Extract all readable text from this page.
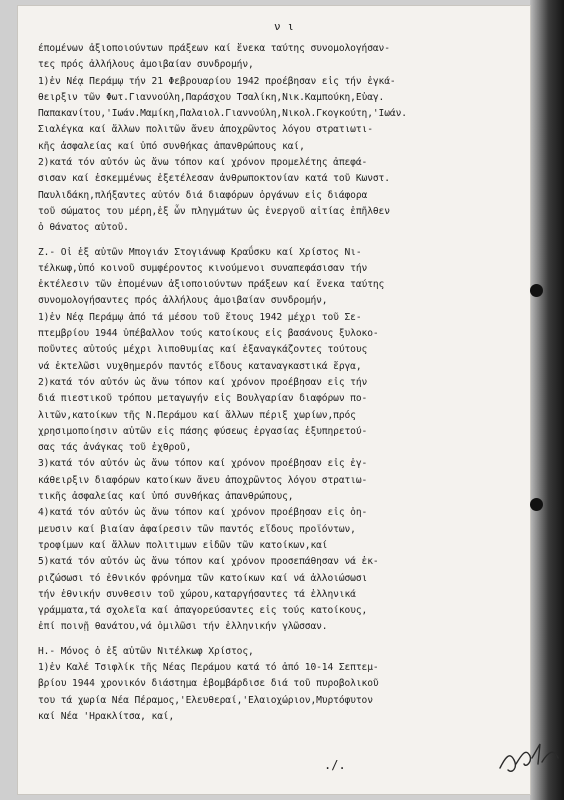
ν ι
έπομένων ἀξιοποιούντων πράξεων καί ἕνεκα ταύτης συνομολογήσαν-
τες πρός ἀλλήλους ἀμοιβαίαν συνδρομήν,
1)ἐν Νέᾳ Περάμῳ τήν 21 Φεβρουαρίου 1942 προέβησαν εἰς τήν ἐγκά-
θειρξιν τῶν Φωτ.Γιαννούλη,Παράσχου Τσαλίκη,Νικ.Καμπούκη,Εὐαγ.
Παπακανίτου,'Ιωάν.Μαμίκη,Παλαιολ.Γιαννούλη,Νικολ.Γκογκούτη,'Ιωάν.
Σιαλέγκα καί ἄλλων πολιτῶν ἄνευ ἀποχρῶντος λόγου στρατιωτι-
κῆς ἀσφαλείας καί ὑπό συνθήκας ἀπανθρώπους καί,
2)κατά τόν αὐτόν ὡς ἄνω τόπον καί χρόνον προμελέτης ἀπεφά-
σισαν καί ἐσκεμμένως ἐξετέλεσαν ἀνθρωποκτονίαν κατά τοῦ Κωνστ.
Παυλιδάκη,πλήξαντες αὐτόν διά διαφόρων ὀργάνων εἰς διάφορα
τοῦ σώματος του μέρη,ἐξ ὧν πληγμάτων ὡς ἐνεργοῦ αἰτίας ἐπῆλθεν
ὁ θάνατος αὐτοῦ.
Ζ.- Οἱ ἐξ αὐτῶν Μπογιάν Στογιάνωφ Κραΰσκυ καί Χρίστος Νι-
τέλκωφ,ὑπό κοινοῦ συμφέροντος κινούμενοι συναπεφάσισαν τήν
ἐκτέλεσιν τῶν ἑπομένων ἀξιοποιούντων πράξεων καί ἕνεκα ταύτης
συνομολογήσαντες πρός ἀλλήλους ἀμοιβαίαν συνδρομήν,
1)ἐν Νέᾳ Περάμῳ ἀπό τά μέσου τοῦ ἔτους 1942 μέχρι τοῦ Σε-
πτεμβρίου 1944 ὑπέβαλλον τούς κατοίκους εἰς βασάνους ξυλοκο-
ποῦντες αὐτούς μέχρι λιποθυμίας καί ἐξαναγκάζοντες τούτους
νά ἐκτελῶσι νυχθημερόν παντός εἴδους καταναγκαστικά ἔργα,
2)κατά τόν αὐτόν ὡς ἄνω τόπον καί χρόνον προέβησαν εἰς τήν
διά πιεστικοῦ τρόπου μεταγωγήν εἰς Βουλγαρίαν διαφόρων πο-
λιτῶν,κατοίκων τῆς Ν.Περάμου καί ἄλλων πέριξ χωρίων,πρός
χρησιμοποίησιν αὐτῶν εἰς πάσης φύσεως ἐργασίας ἐξυπηρετού-
σας τάς ἀνάγκας τοῦ ἐχθροῦ,
3)κατά τόν αὐτόν ὡς ἄνω τόπον καί χρόνον προέβησαν εἰς ἐγ-
κάθειρξιν διαφόρων κατοίκων ἄνευ ἀποχρῶντος λόγου στρατιω-
τικῆς ἀσφαλείας καί ὑπό συνθήκας ἀπανθρώπους,
4)κατά τόν αὐτόν ὡς ἄνω τόπον καί χρόνον προέβησαν εἰς ὁη-
μευσιν καί βιαίαν ἀφαίρεσιν τῶν παντός εἴδους προϊόντων,
τροφίμων καί ἄλλων πολιτιμων εἰδῶν τῶν κατοίκων,καί
5)κατά τόν αὐτόν ὡς ἄνω τόπον καί χρόνον προσεπάθησαν νά ἐκ-
ριζώσωσι τό ἐθνικόν φρόνημα τῶν κατοίκων καί νά ἀλλοιώσωσι
τήν ἐθνικήν συνθεσιν τοῦ χώρου,καταργήσαντες τά ἑλληνικά
γράμματα,τά σχολεῖα καί ἀπαγορεύσαντες εἰς τούς κατοίκους,
ἐπί ποινῇ θανάτου,νά ὁμιλῶσι τήν ἑλληνικήν γλῶσσαν.
Η.- Μόνος ὁ ἐξ αὐτῶν Νιτέλκωφ Χρίστος,
1)ἐν Καλέ Τσιφλίκ τῆς Νέας Περάμου κατά τό ἀπό 10-14 Σεπτεμ-
βρίου 1944 χρονικόν διάστημα ἐβομβάρδισε διά τοῦ πυροβολικοῦ
του τά χωρία Νέα Πέραμος,'Ελευθεραί,'Ελαιοχώριον,Μυρτόφυτον
καί Νέα 'Ηρακλίτσα, καί,
./.
